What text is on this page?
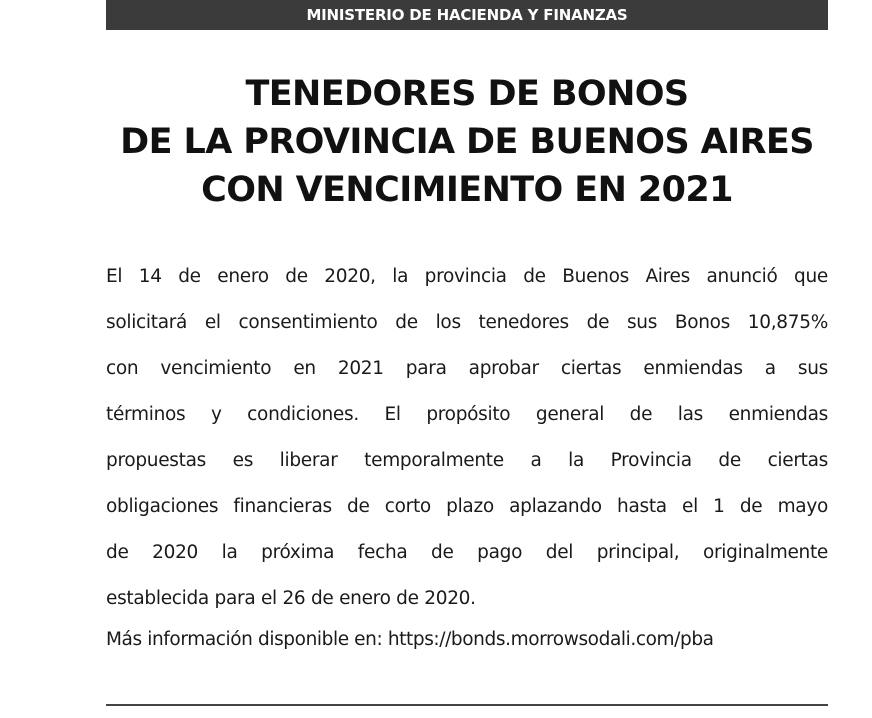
MINISTERIO DE HACIENDA Y FINANZAS
TENEDORES DE BONOS
DE LA PROVINCIA DE BUENOS AIRES
CON VENCIMIENTO EN 2021
El 14 de enero de 2020, la provincia de Buenos Aires anunció que
solicitará el consentimiento de los tenedores de sus Bonos 10,875%
con vencimiento en 2021 para aprobar ciertas enmiendas a sus
términos y condiciones. El propósito general de las enmiendas
propuestas es liberar temporalmente a la Provincia de ciertas
obligaciones financieras de corto plazo aplazando hasta el 1 de mayo
de 2020 la próxima fecha de pago del principal, originalmente
establecida para el 26 de enero de 2020.
Más información disponible en: https://bonds.morrowsodali.com/pba
